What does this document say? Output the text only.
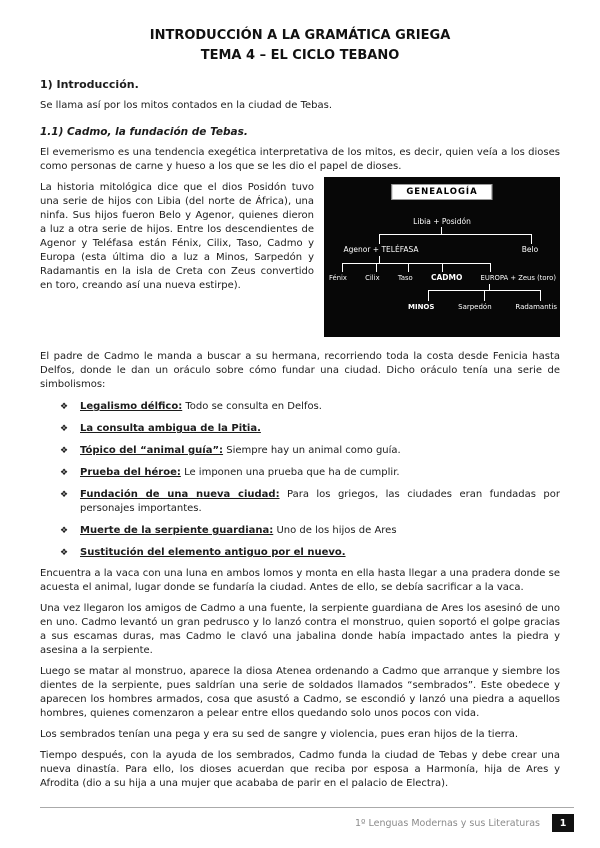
INTRODUCCIÓN A LA GRAMÁTICA GRIEGA
TEMA 4 – EL CICLO TEBANO
1) Introducción.

Se llama así por los mitos contados en la ciudad de Tebas.

1.1) Cadmo, la fundación de Tebas.

El evemerismo es una tendencia exegética interpretativa de los mitos, es decir, quien veía a los dioses como personas de carne y hueso a los que se les dio el papel de dioses.

GENEALOGÍA
Libia + Posidón
Agenor + TELÉFASA	Belo
Fénix	Cilix	Taso CADMO	EUROPA + Zeus (toro)
MINOS	Sarpedón	Radamantis

La historia mitológica dice que el dios Posidón tuvo una serie de hijos con Libia (del norte de África), una ninfa. Sus hijos fueron Belo y Agenor, quienes dieron a luz a otra serie de hijos. Entre los descendientes de Agenor y Teléfasa están Fénix, Cilix, Taso, Cadmo y Europa (esta última dio a luz a Minos, Sarpedón y Radamantis en la isla de Creta con Zeus convertido en toro, creando así una nueva estirpe).

El padre de Cadmo le manda a buscar a su hermana, recorriendo toda la costa desde Fenicia hasta Delfos, donde le dan un oráculo sobre cómo fundar una ciudad. Dicho oráculo tenía una serie de simbolismos:

❖ Legalismo délfico: Todo se consulta en Delfos.
❖ La consulta ambigua de la Pitia.
❖ Tópico del “animal guía”: Siempre hay un animal como guía.
❖ Prueba del héroe: Le imponen una prueba que ha de cumplir.
❖ Fundación de una nueva ciudad: Para los griegos, las ciudades eran fundadas por personajes importantes.
❖ Muerte de la serpiente guardiana: Uno de los hijos de Ares
❖ Sustitución del elemento antiguo por el nuevo.

Encuentra a la vaca con una luna en ambos lomos y monta en ella hasta llegar a una pradera donde se acuesta el animal, lugar donde se fundaría la ciudad. Antes de ello, se debía sacrificar a la vaca.

Una vez llegaron los amigos de Cadmo a una fuente, la serpiente guardiana de Ares los asesinó de uno en uno. Cadmo levantó un gran pedrusco y lo lanzó contra el monstruo, quien soportó el golpe gracias a sus escamas duras, mas Cadmo le clavó una jabalina donde había impactado antes la piedra y asesina a la serpiente.

Luego se matar al monstruo, aparece la diosa Atenea ordenando a Cadmo que arranque y siembre los dientes de la serpiente, pues saldrían una serie de soldados llamados “sembrados”. Este obedece y aparecen los hombres armados, cosa que asustó a Cadmo, se escondió y lanzó una piedra a aquellos hombres, quienes comenzaron a pelear entre ellos quedando solo unos pocos con vida.

Los sembrados tenían una pega y era su sed de sangre y violencia, pues eran hijos de la tierra.

Tiempo después, con la ayuda de los sembrados, Cadmo funda la ciudad de Tebas y debe crear una nueva dinastía. Para ello, los dioses acuerdan que reciba por esposa a Harmonía, hija de Ares y Afrodita (dio a su hija a una mujer que acababa de parir en el palacio de Electra).

1º Lenguas Modernas y sus Literaturas	1
